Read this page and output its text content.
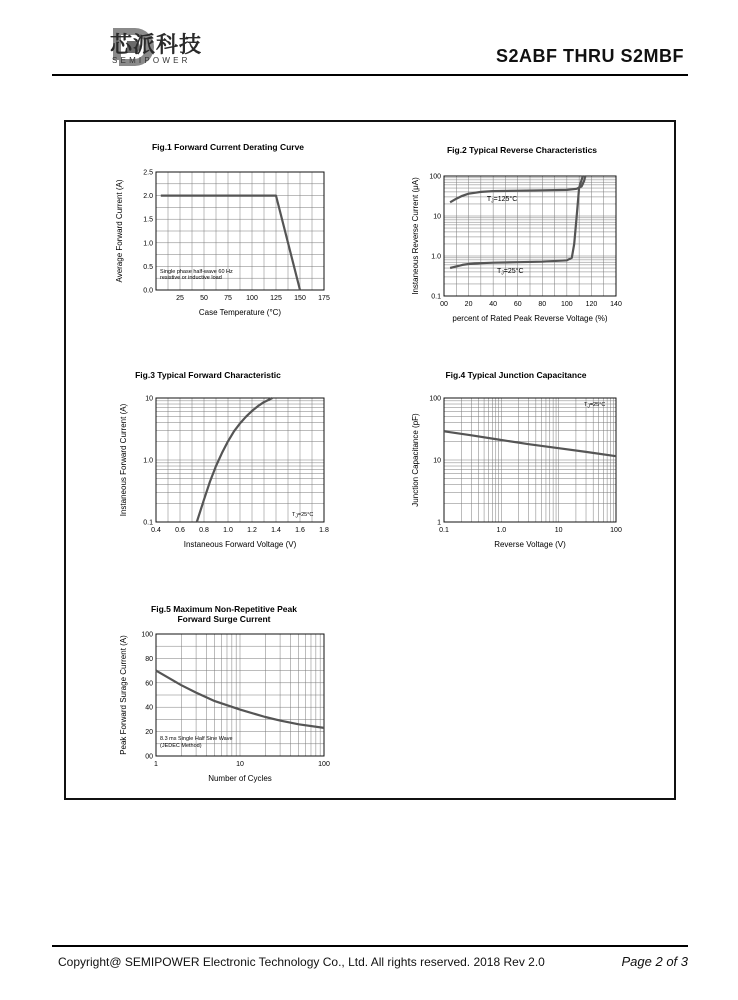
芯派科技
SEMIPOWER	S2ABF THRU S2MBF
Fig.1 Forward Current Derating Curve
25 50 75 100 125 150 175
0.0
0.5
1.0
1.5
2.0
2.5
Case Temperature (°C)
Average Forward Current (A)	Single phase half-wave 60 Hz
resistive or inductive load
Fig.2 Typical Reverse Characteristics
00 20 40 60 80 100 120 140
0.1
1.0
10
100
percent of Rated Peak Reverse Voltage (%)
Instaneous Reverse Current (μA)	$T_J=125^\circ C$
$T_J=25^\circ C$
Fig.3 Typical Forward Characteristic
0.4 0.6 0.8 1.0 1.2 1.4 1.6 1.8
0.1
1.0
10
Instaneous Forward Voltage (V)
Instaneous Forward Current (A)	TJ=25°C
Fig.4 Typical Junction Capacitance
0.1	1.0	10	100
1
10
100
Reverse Voltage (V)
Junction Capacitance (pF)
TJ=25°C
Fig.5 Maximum Non-Repetitive Peak
Forward Surge Current
1	10	100
00
20
40
60
80
100
Number of Cycles
Peak Forward Surage Current (A)	8.3 ms Single Half Sine Wave
(JEDEC Method)
Copyright@ SEMIPOWER Electronic Technology Co., Ltd. All rights reserved. 2018 Rev 2.0	Page 2 of 3
